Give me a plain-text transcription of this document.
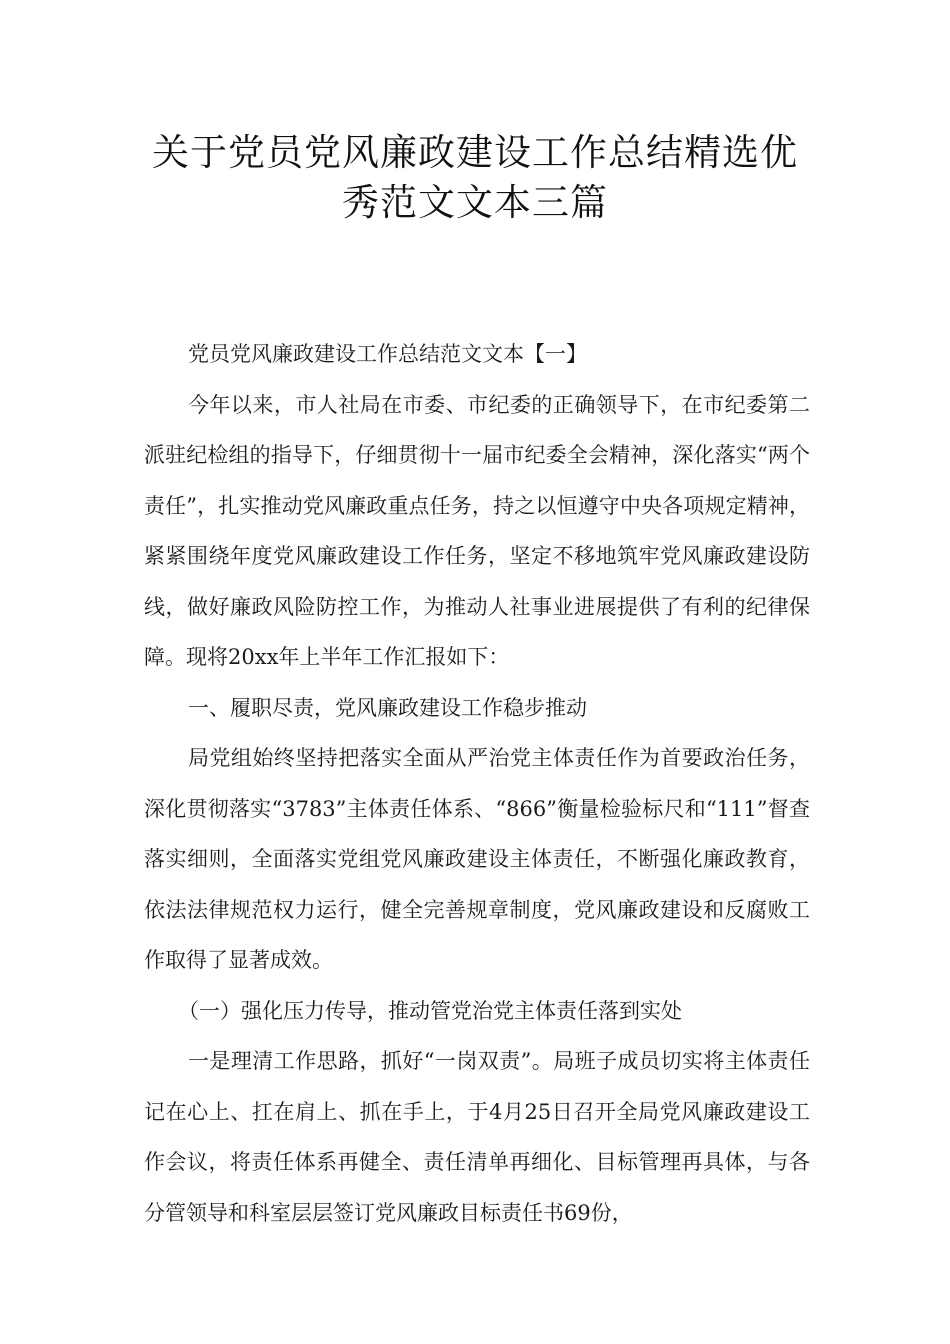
关于党员党风廉政建设工作总结精选优
秀范文文本三篇

党员党风廉政建设工作总结范文文本【一】

今年以来，市人社局在市委、市纪委的正确领导下，在市纪委第二派驻纪检组的指导下，仔细贯彻十一届市纪委全会精神，深化落实“两个责任”，扎实推动党风廉政重点任务，持之以恒遵守中央各项规定精神，紧紧围绕年度党风廉政建设工作任务，坚定不移地筑牢党风廉政建设防线，做好廉政风险防控工作，为推动人社事业进展提供了有利的纪律保障。现将20xx年上半年工作汇报如下：

一、履职尽责，党风廉政建设工作稳步推动

局党组始终坚持把落实全面从严治党主体责任作为首要政治任务，深化贯彻落实“3783”主体责任体系、“866”衡量检验标尺和“111”督查落实细则，全面落实党组党风廉政建设主体责任，不断强化廉政教育，依法法律规范权力运行，健全完善规章制度，党风廉政建设和反腐败工作取得了显著成效。

（一）强化压力传导，推动管党治党主体责任落到实处

一是理清工作思路，抓好“一岗双责”。局班子成员切实将主体责任记在心上、扛在肩上、抓在手上，于4月25日召开全局党风廉政建设工作会议，将责任体系再健全、责任清单再细化、目标管理再具体，与各分管领导和科室层层签订党风廉政目标责任书69份，
